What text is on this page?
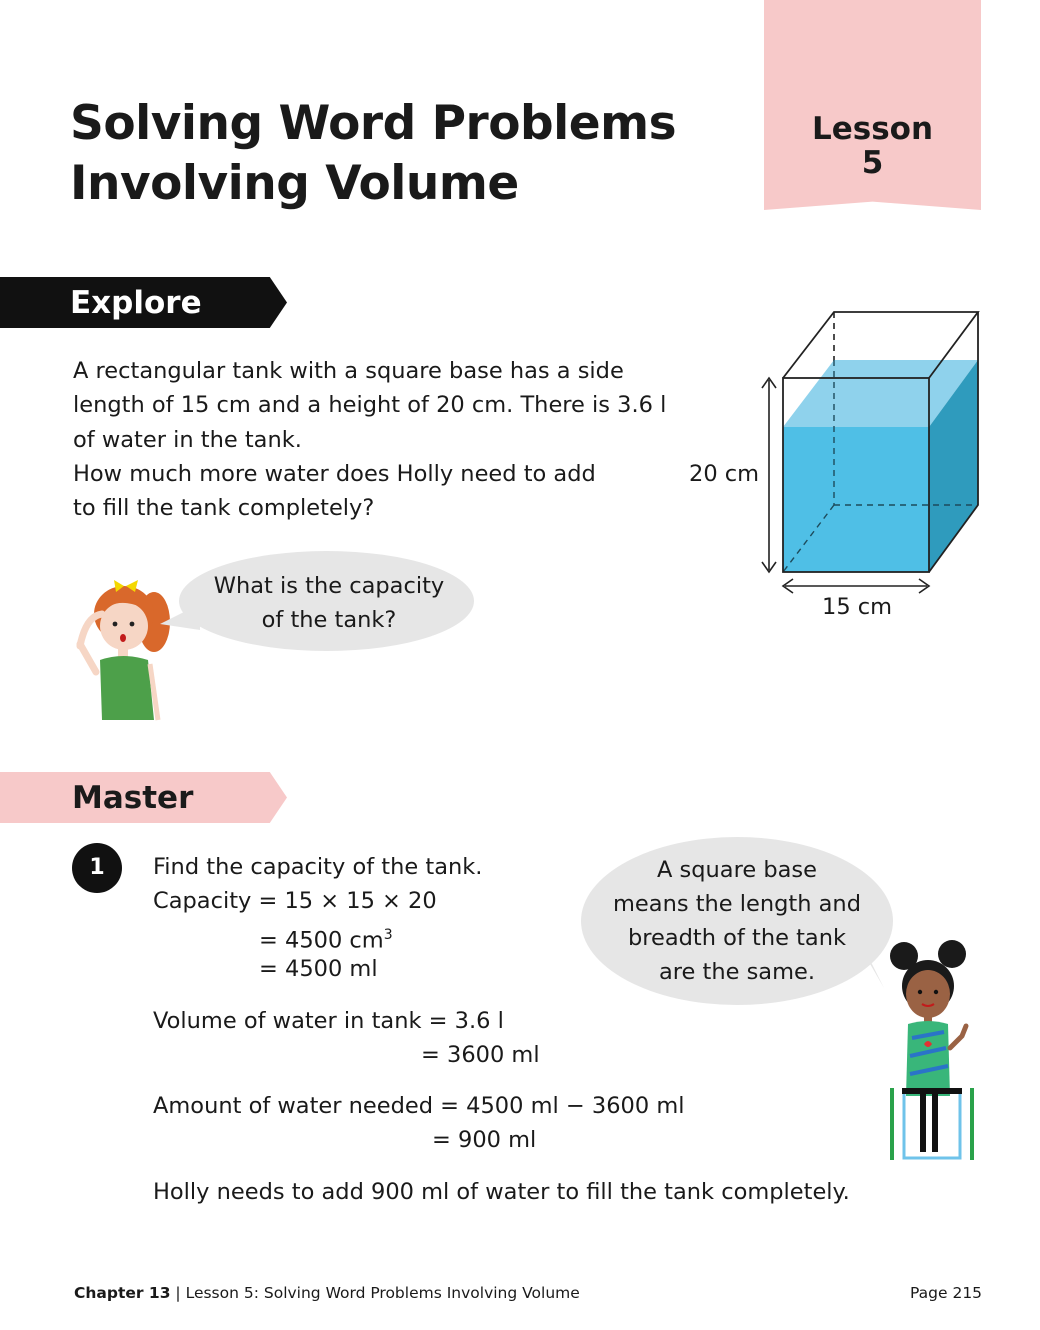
Lesson
5
Solving Word Problems
Involving Volume
Explore
A rectangular tank with a square base has a side
length of 15 cm and a height of 20 cm. There is 3.6 l
of water in the tank.
How much more water does Holly need to add
to fill the tank completely?
20 cm
15 cm
What is the capacity
of the tank?
Master
1	Find the capacity of the tank.
Capacity = 15 × 15 × 20
= 4500 $cm^3$
= 4500 ml
Volume of water in tank = 3.6 l
= 3600 ml
Amount of water needed = 4500 ml − 3600 ml
= 900 ml
Holly needs to add 900 ml of water to fill the tank completely.
A square base
means the length and
breadth of the tank
are the same.
Chapter 13 | Lesson 5: Solving Word Problems Involving Volume	Page 215
